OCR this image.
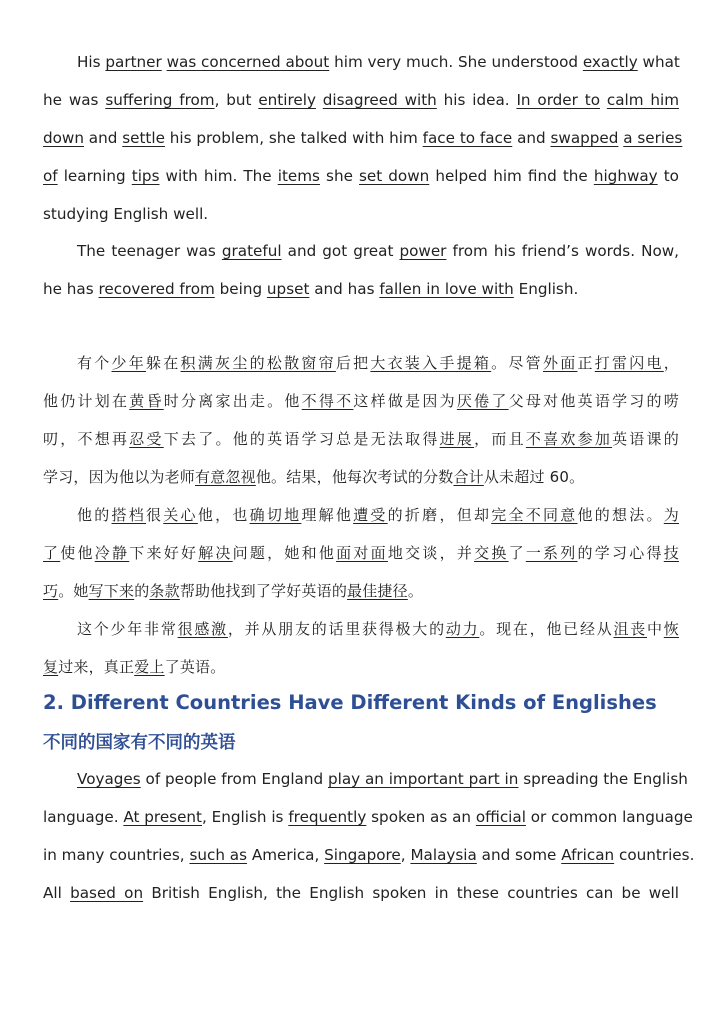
His partner was concerned about him very much. She understood exactly what
he was suffering from, but entirely disagreed with his idea. In order to calm him
down and settle his problem, she talked with him face to face and swapped a series
of learning tips with him. The items she set down helped him find the highway to
studying English well.
The teenager was grateful and got great power from his friend’s words. Now,
he has recovered from being upset and has fallen in love with English.
有个少年躲在积满灰尘的松散窗帘后把大衣装入手提箱。尽管外面正打雷闪电，
他仍计划在黄昏时分离家出走。他不得不这样做是因为厌倦了父母对他英语学习的唠
叨，不想再忍受下去了。他的英语学习总是无法取得进展，而且不喜欢参加英语课的
学习，因为他以为老师有意忽视他。结果，他每次考试的分数合计从未超过 60。
他的搭档很关心他，也确切地理解他遭受的折磨，但却完全不同意他的想法。为
了使他冷静下来好好解决问题，她和他面对面地交谈，并交换了一系列的学习心得技
巧。她写下来的条款帮助他找到了学好英语的最佳捷径。
这个少年非常很感激，并从朋友的话里获得极大的动力。现在，他已经从沮丧中恢
复过来，真正爱上了英语。
2. Different Countries Have Different Kinds of Englishes
不同的国家有不同的英语
Voyages of people from England play an important part in spreading the English
language. At present, English is frequently spoken as an official or common language
in many countries, such as America, Singapore, Malaysia and some African countries.
All based on British English, the English spoken in these countries can be well
